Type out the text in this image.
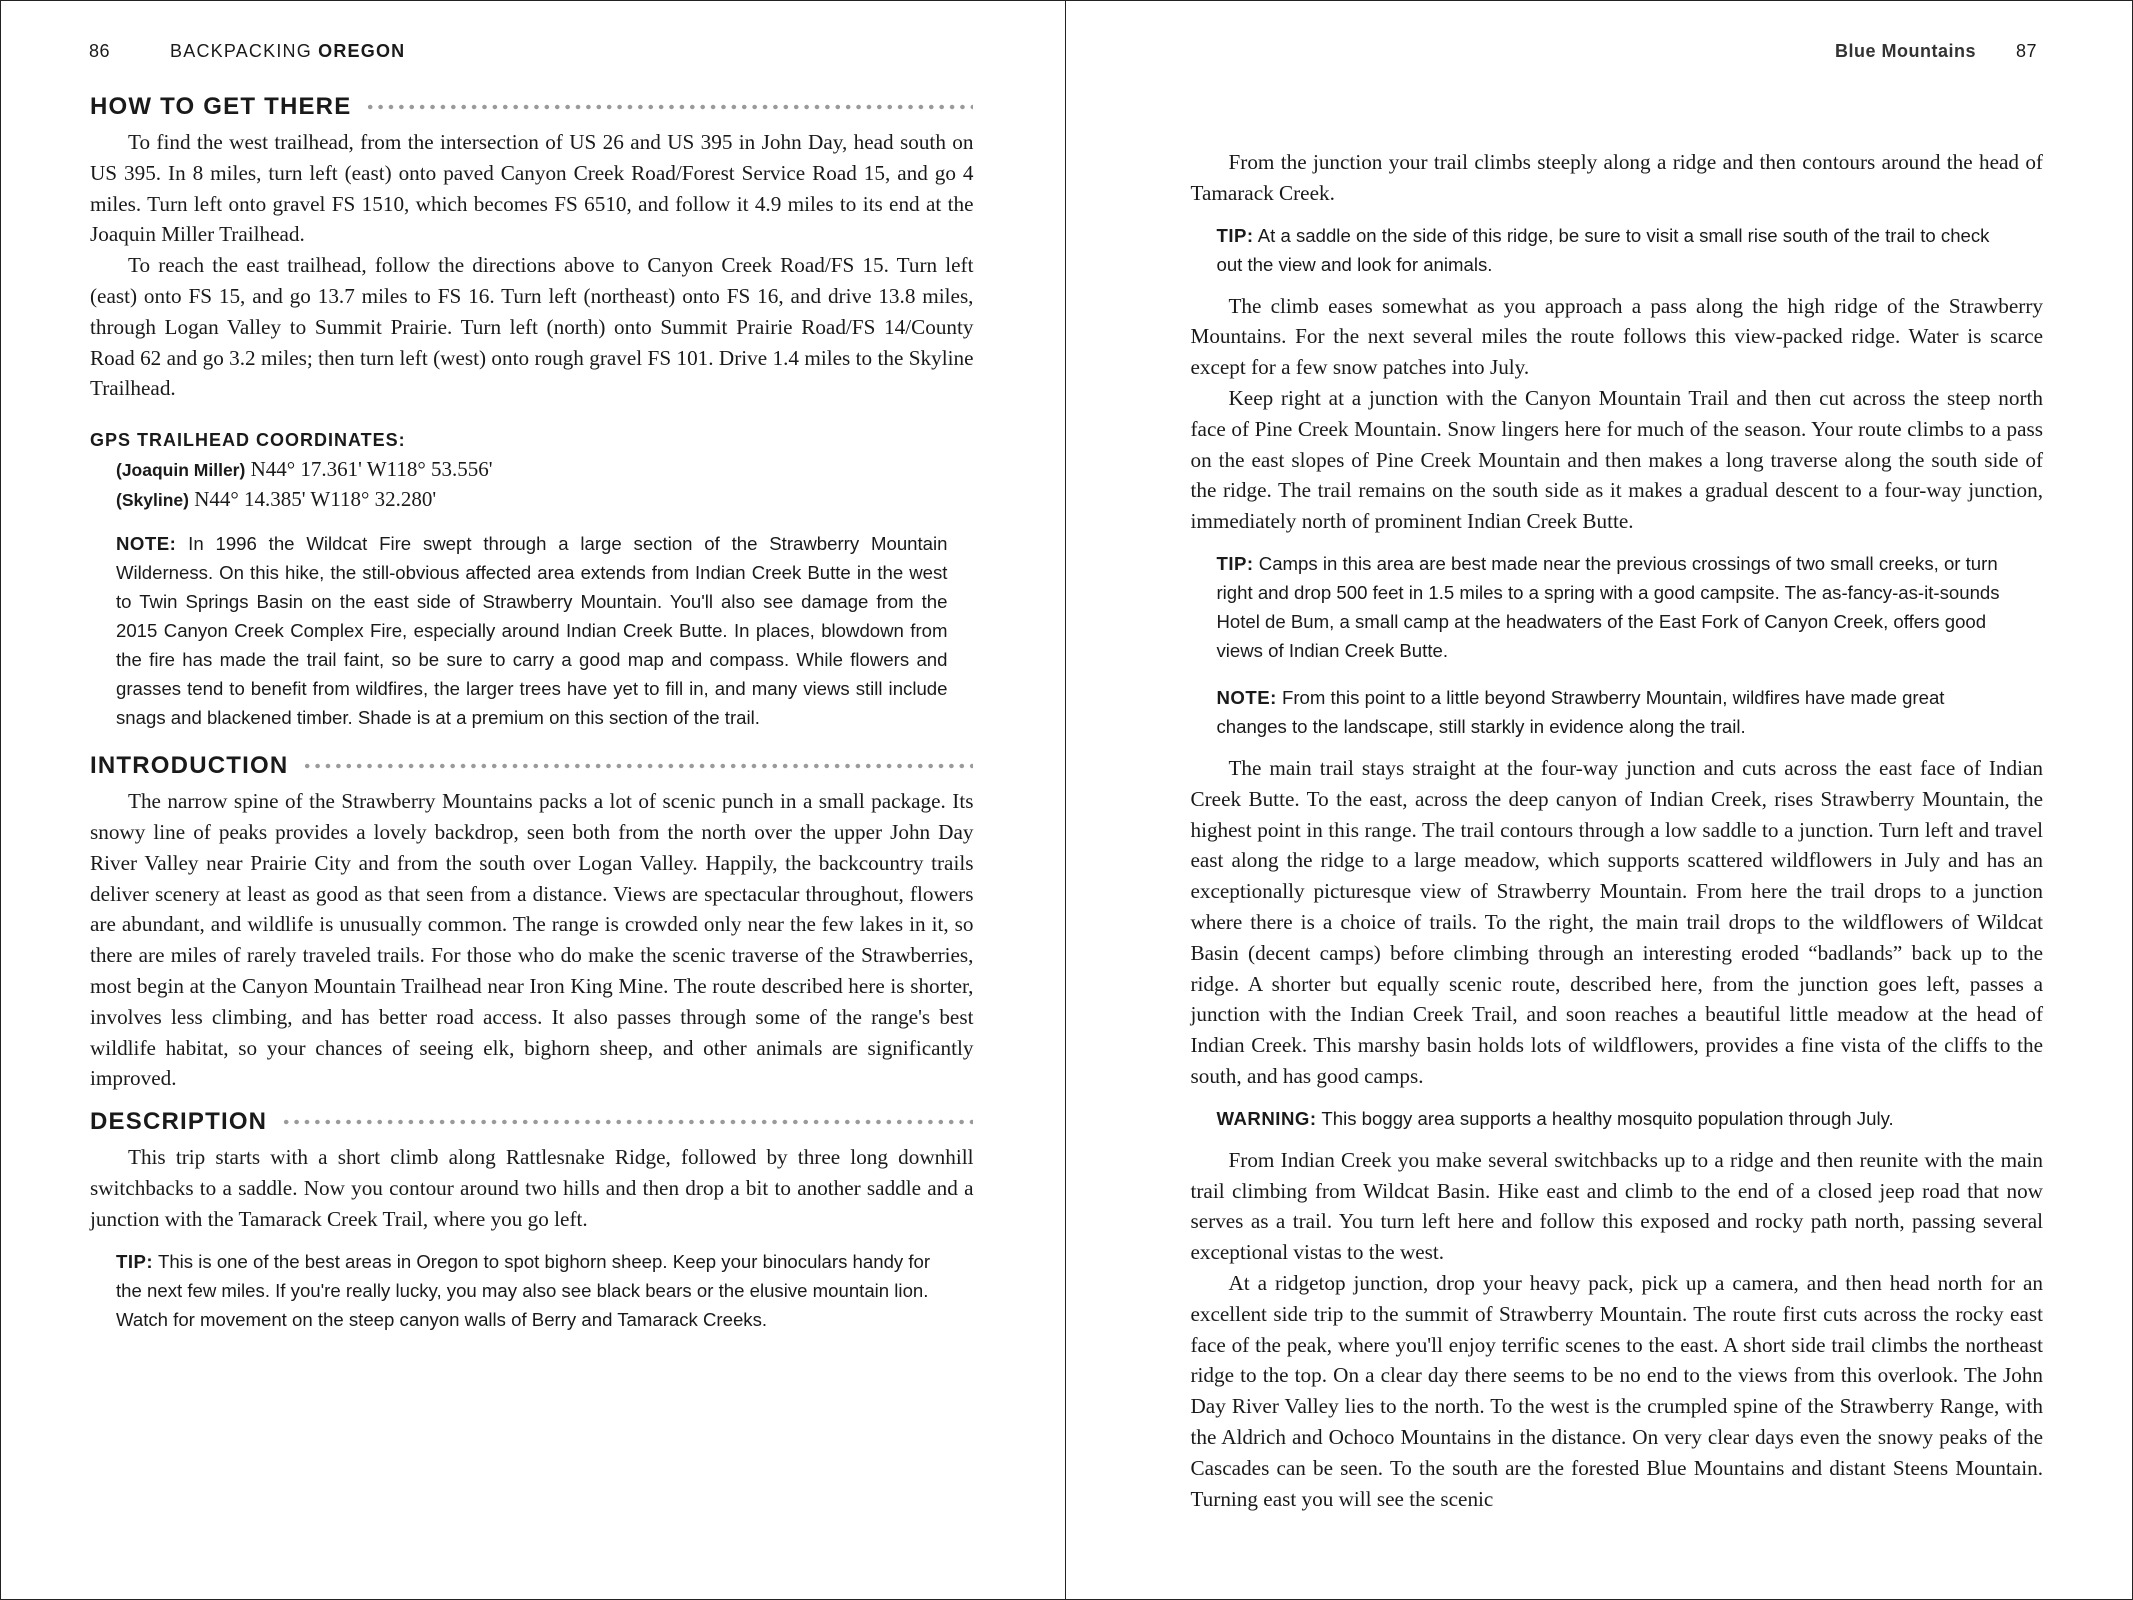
86	BACKPACKING OREGON
HOW TO GET THERE

To find the west trailhead, from the intersection of US 26 and US 395 in John Day, head south on US 395. In 8 miles, turn left (east) onto paved Canyon Creek Road/Forest Service Road 15, and go 4 miles. Turn left onto gravel FS 1510, which becomes FS 6510, and follow it 4.9 miles to its end at the Joaquin Miller Trailhead.

To reach the east trailhead, follow the directions above to Canyon Creek Road/FS 15. Turn left (east) onto FS 15, and go 13.7 miles to FS 16. Turn left (northeast) onto FS 16, and drive 13.8 miles, through Logan Valley to Summit Prairie. Turn left (north) onto Summit Prairie Road/FS 14/County Road 62 and go 3.2 miles; then turn left (west) onto rough gravel FS 101. Drive 1.4 miles to the Skyline Trailhead.

GPS TRAILHEAD COORDINATES:
(Joaquin Miller) N44° 17.361' W118° 53.556'
(Skyline) N44° 14.385' W118° 32.280'
NOTE: In 1996 the Wildcat Fire swept through a large section of the Strawberry Mountain Wilderness. On this hike, the still-obvious affected area extends from Indian Creek Butte in the west to Twin Springs Basin on the east side of Strawberry Mountain. You'll also see damage from the 2015 Canyon Creek Complex Fire, especially around Indian Creek Butte. In places, blowdown from the fire has made the trail faint, so be sure to carry a good map and compass. While flowers and grasses tend to benefit from wildfires, the larger trees have yet to fill in, and many views still include snags and blackened timber. Shade is at a premium on this section of the trail.
INTRODUCTION

The narrow spine of the Strawberry Mountains packs a lot of scenic punch in a small package. Its snowy line of peaks provides a lovely backdrop, seen both from the north over the upper John Day River Valley near Prairie City and from the south over Logan Valley. Happily, the backcountry trails deliver scenery at least as good as that seen from a distance. Views are spectacular throughout, flowers are abundant, and wildlife is unusually common. The range is crowded only near the few lakes in it, so there are miles of rarely traveled trails. For those who do make the scenic traverse of the Strawberries, most begin at the Canyon Mountain Trailhead near Iron King Mine. The route described here is shorter, involves less climbing, and has better road access. It also passes through some of the range's best wildlife habitat, so your chances of seeing elk, bighorn sheep, and other animals are significantly improved.

DESCRIPTION

This trip starts with a short climb along Rattlesnake Ridge, followed by three long downhill switchbacks to a saddle. Now you contour around two hills and then drop a bit to another saddle and a junction with the Tamarack Creek Trail, where you go left.

TIP: This is one of the best areas in Oregon to spot bighorn sheep. Keep your binoculars handy for the next few miles. If you're really lucky, you may also see black bears or the elusive mountain lion. Watch for movement on the steep canyon walls of Berry and Tamarack Creeks.
Blue Mountains 87

From the junction your trail climbs steeply along a ridge and then contours around the head of Tamarack Creek.

TIP: At a saddle on the side of this ridge, be sure to visit a small rise south of the trail to check out the view and look for animals.

The climb eases somewhat as you approach a pass along the high ridge of the Strawberry Mountains. For the next several miles the route follows this view-packed ridge. Water is scarce except for a few snow patches into July.

Keep right at a junction with the Canyon Mountain Trail and then cut across the steep north face of Pine Creek Mountain. Snow lingers here for much of the season. Your route climbs to a pass on the east slopes of Pine Creek Mountain and then makes a long traverse along the south side of the ridge. The trail remains on the south side as it makes a gradual descent to a four-way junction, immediately north of prominent Indian Creek Butte.

TIP: Camps in this area are best made near the previous crossings of two small creeks, or turn right and drop 500 feet in 1.5 miles to a spring with a good campsite. The as-fancy-as-it-sounds Hotel de Bum, a small camp at the headwaters of the East Fork of Canyon Creek, offers good views of Indian Creek Butte.
NOTE: From this point to a little beyond Strawberry Mountain, wildfires have made great changes to the landscape, still starkly in evidence along the trail.

The main trail stays straight at the four-way junction and cuts across the east face of Indian Creek Butte. To the east, across the deep canyon of Indian Creek, rises Strawberry Mountain, the highest point in this range. The trail contours through a low saddle to a junction. Turn left and travel east along the ridge to a large meadow, which supports scattered wildflowers in July and has an exceptionally picturesque view of Strawberry Mountain. From here the trail drops to a junction where there is a choice of trails. To the right, the main trail drops to the wildflowers of Wildcat Basin (decent camps) before climbing through an interesting eroded “badlands” back up to the ridge. A shorter but equally scenic route, described here, from the junction goes left, passes a junction with the Indian Creek Trail, and soon reaches a beautiful little meadow at the head of Indian Creek. This marshy basin holds lots of wildflowers, provides a fine vista of the cliffs to the south, and has good camps.

WARNING: This boggy area supports a healthy mosquito population through July.

From Indian Creek you make several switchbacks up to a ridge and then reunite with the main trail climbing from Wildcat Basin. Hike east and climb to the end of a closed jeep road that now serves as a trail. You turn left here and follow this exposed and rocky path north, passing several exceptional vistas to the west.

At a ridgetop junction, drop your heavy pack, pick up a camera, and then head north for an excellent side trip to the summit of Strawberry Mountain. The route first cuts across the rocky east face of the peak, where you'll enjoy terrific scenes to the east. A short side trail climbs the northeast ridge to the top. On a clear day there seems to be no end to the views from this overlook. The John Day River Valley lies to the north. To the west is the crumpled spine of the Strawberry Range, with the Aldrich and Ochoco Mountains in the distance. On very clear days even the snowy peaks of the Cascades can be seen. To the south are the forested Blue Mountains and distant Steens Mountain. Turning east you will see the scenic
